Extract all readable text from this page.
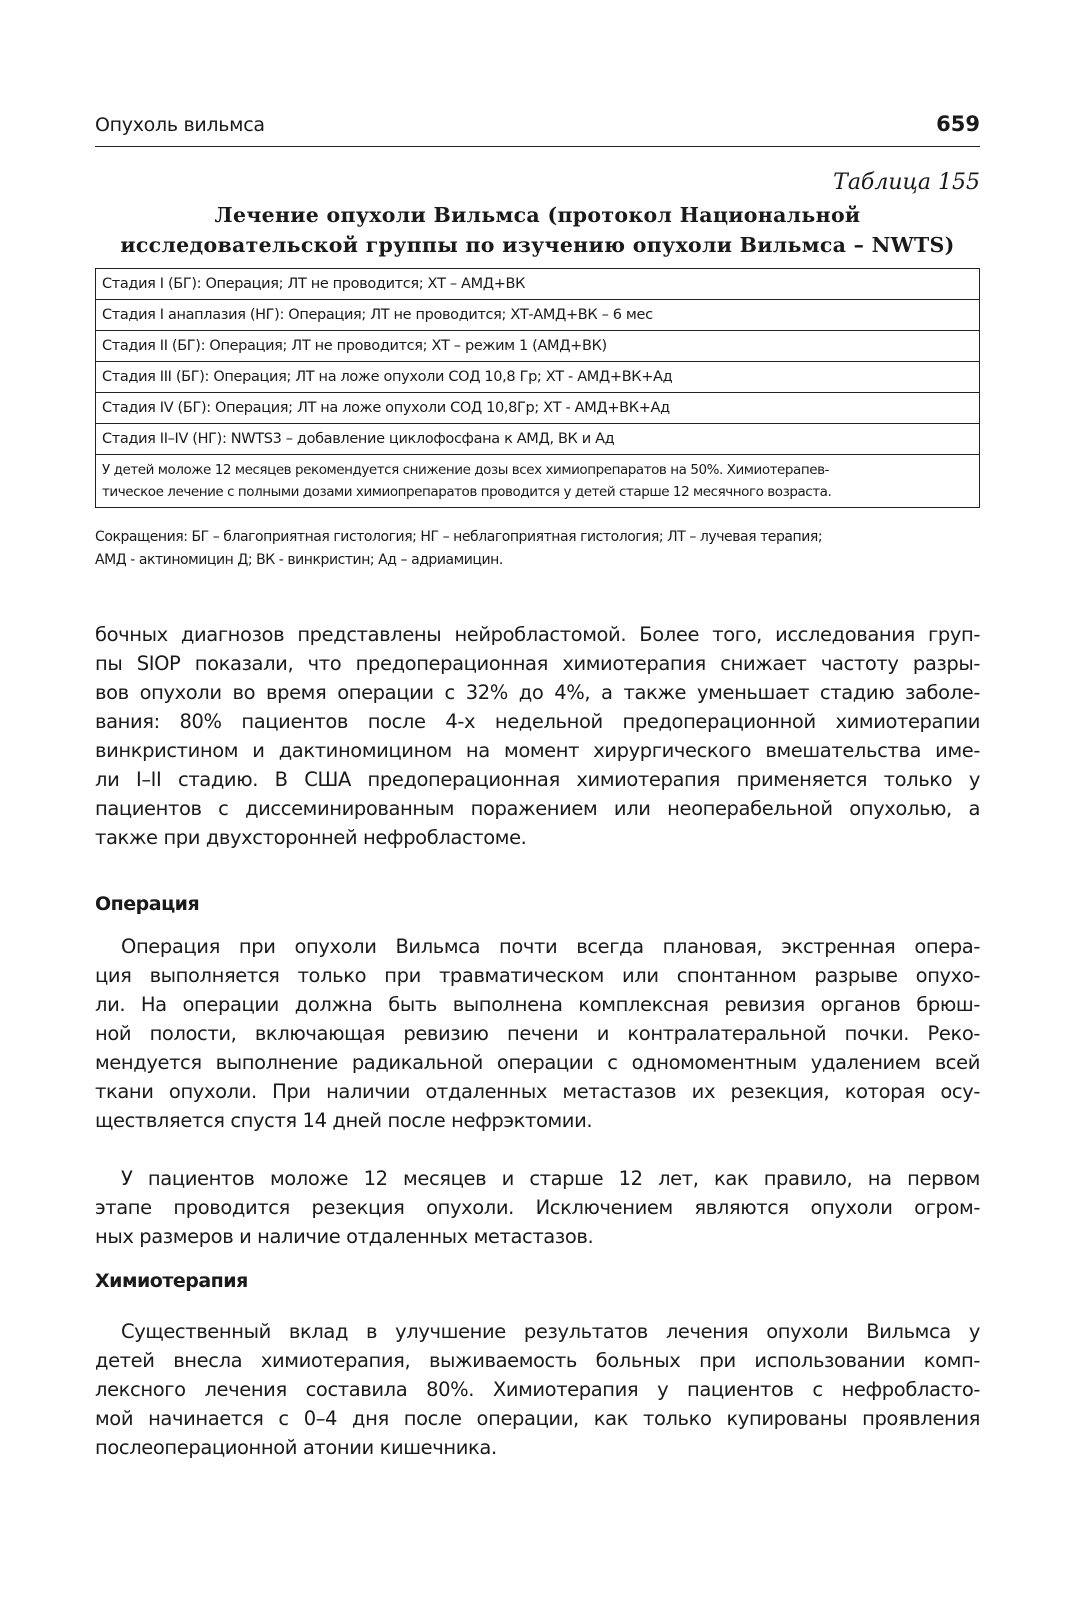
Опухоль вильмса	659
Таблица 155
Лечение опухоли Вильмса (протокол Национальной
исследовательской группы по изучению опухоли Вильмса – NWTS)
Стадия I (БГ): Операция; ЛТ не проводится; ХТ – АМД+ВК
Стадия I анаплазия (НГ): Операция; ЛТ не проводится; ХТ-АМД+ВК – 6 мес
Стадия II (БГ): Операция; ЛТ не проводится; ХТ – режим 1 (АМД+ВК)
Стадия III (БГ): Операция; ЛТ на ложе опухоли СОД 10,8 Гр; ХТ - АМД+ВК+Ад
Стадия IV (БГ): Операция; ЛТ на ложе опухоли СОД 10,8Гр; ХТ - АМД+ВК+Ад
Стадия II–IV (НГ): NWTS3 – добавление циклофосфана к АМД, ВК и Ад
У детей моложе 12 месяцев рекомендуется снижение дозы всех химиопрепаратов на 50%. Химиотерапев-
тическое лечение с полными дозами химиопрепаратов проводится у детей старше 12 месячного возраста.
Сокращения: БГ – благоприятная гистология; НГ – неблагоприятная гистология; ЛТ – лучевая терапия;
АМД - актиномицин Д; ВК - винкристин; Ад – адриамицин.
бочных диагнозов представлены нейробластомой. Более того, исследования груп-
пы SIOP показали, что предоперационная химиотерапия снижает частоту разры-
вов опухоли во время операции с 32% до 4%, а также уменьшает стадию заболе-
вания: 80% пациентов после 4-х недельной предоперационной химиотерапии
винкристином и дактиномицином на момент хирургического вмешательства име-
ли I–II стадию. В США предоперационная химиотерапия применяется только у
пациентов с диссеминированным поражением или неоперабельной опухолью, а
также при двухсторонней нефробластоме.
Операция
Операция при опухоли Вильмса почти всегда плановая, экстренная опера-
ция выполняется только при травматическом или спонтанном разрыве опухо-
ли. На операции должна быть выполнена комплексная ревизия органов брюш-
ной полости, включающая ревизию печени и контралатеральной почки. Реко-
мендуется выполнение радикальной операции с одномоментным удалением всей
ткани опухоли. При наличии отдаленных метастазов их резекция, которая осу-
ществляется спустя 14 дней после нефрэктомии.
У пациентов моложе 12 месяцев и старше 12 лет, как правило, на первом
этапе проводится резекция опухоли. Исключением являются опухоли огром-
ных размеров и наличие отдаленных метастазов.
Химиотерапия
Существенный вклад в улучшение результатов лечения опухоли Вильмса у
детей внесла химиотерапия, выживаемость больных при использовании комп-
лексного лечения составила 80%. Химиотерапия у пациентов с нефробласто-
мой начинается с 0–4 дня после операции, как только купированы проявления
послеоперационной атонии кишечника.
